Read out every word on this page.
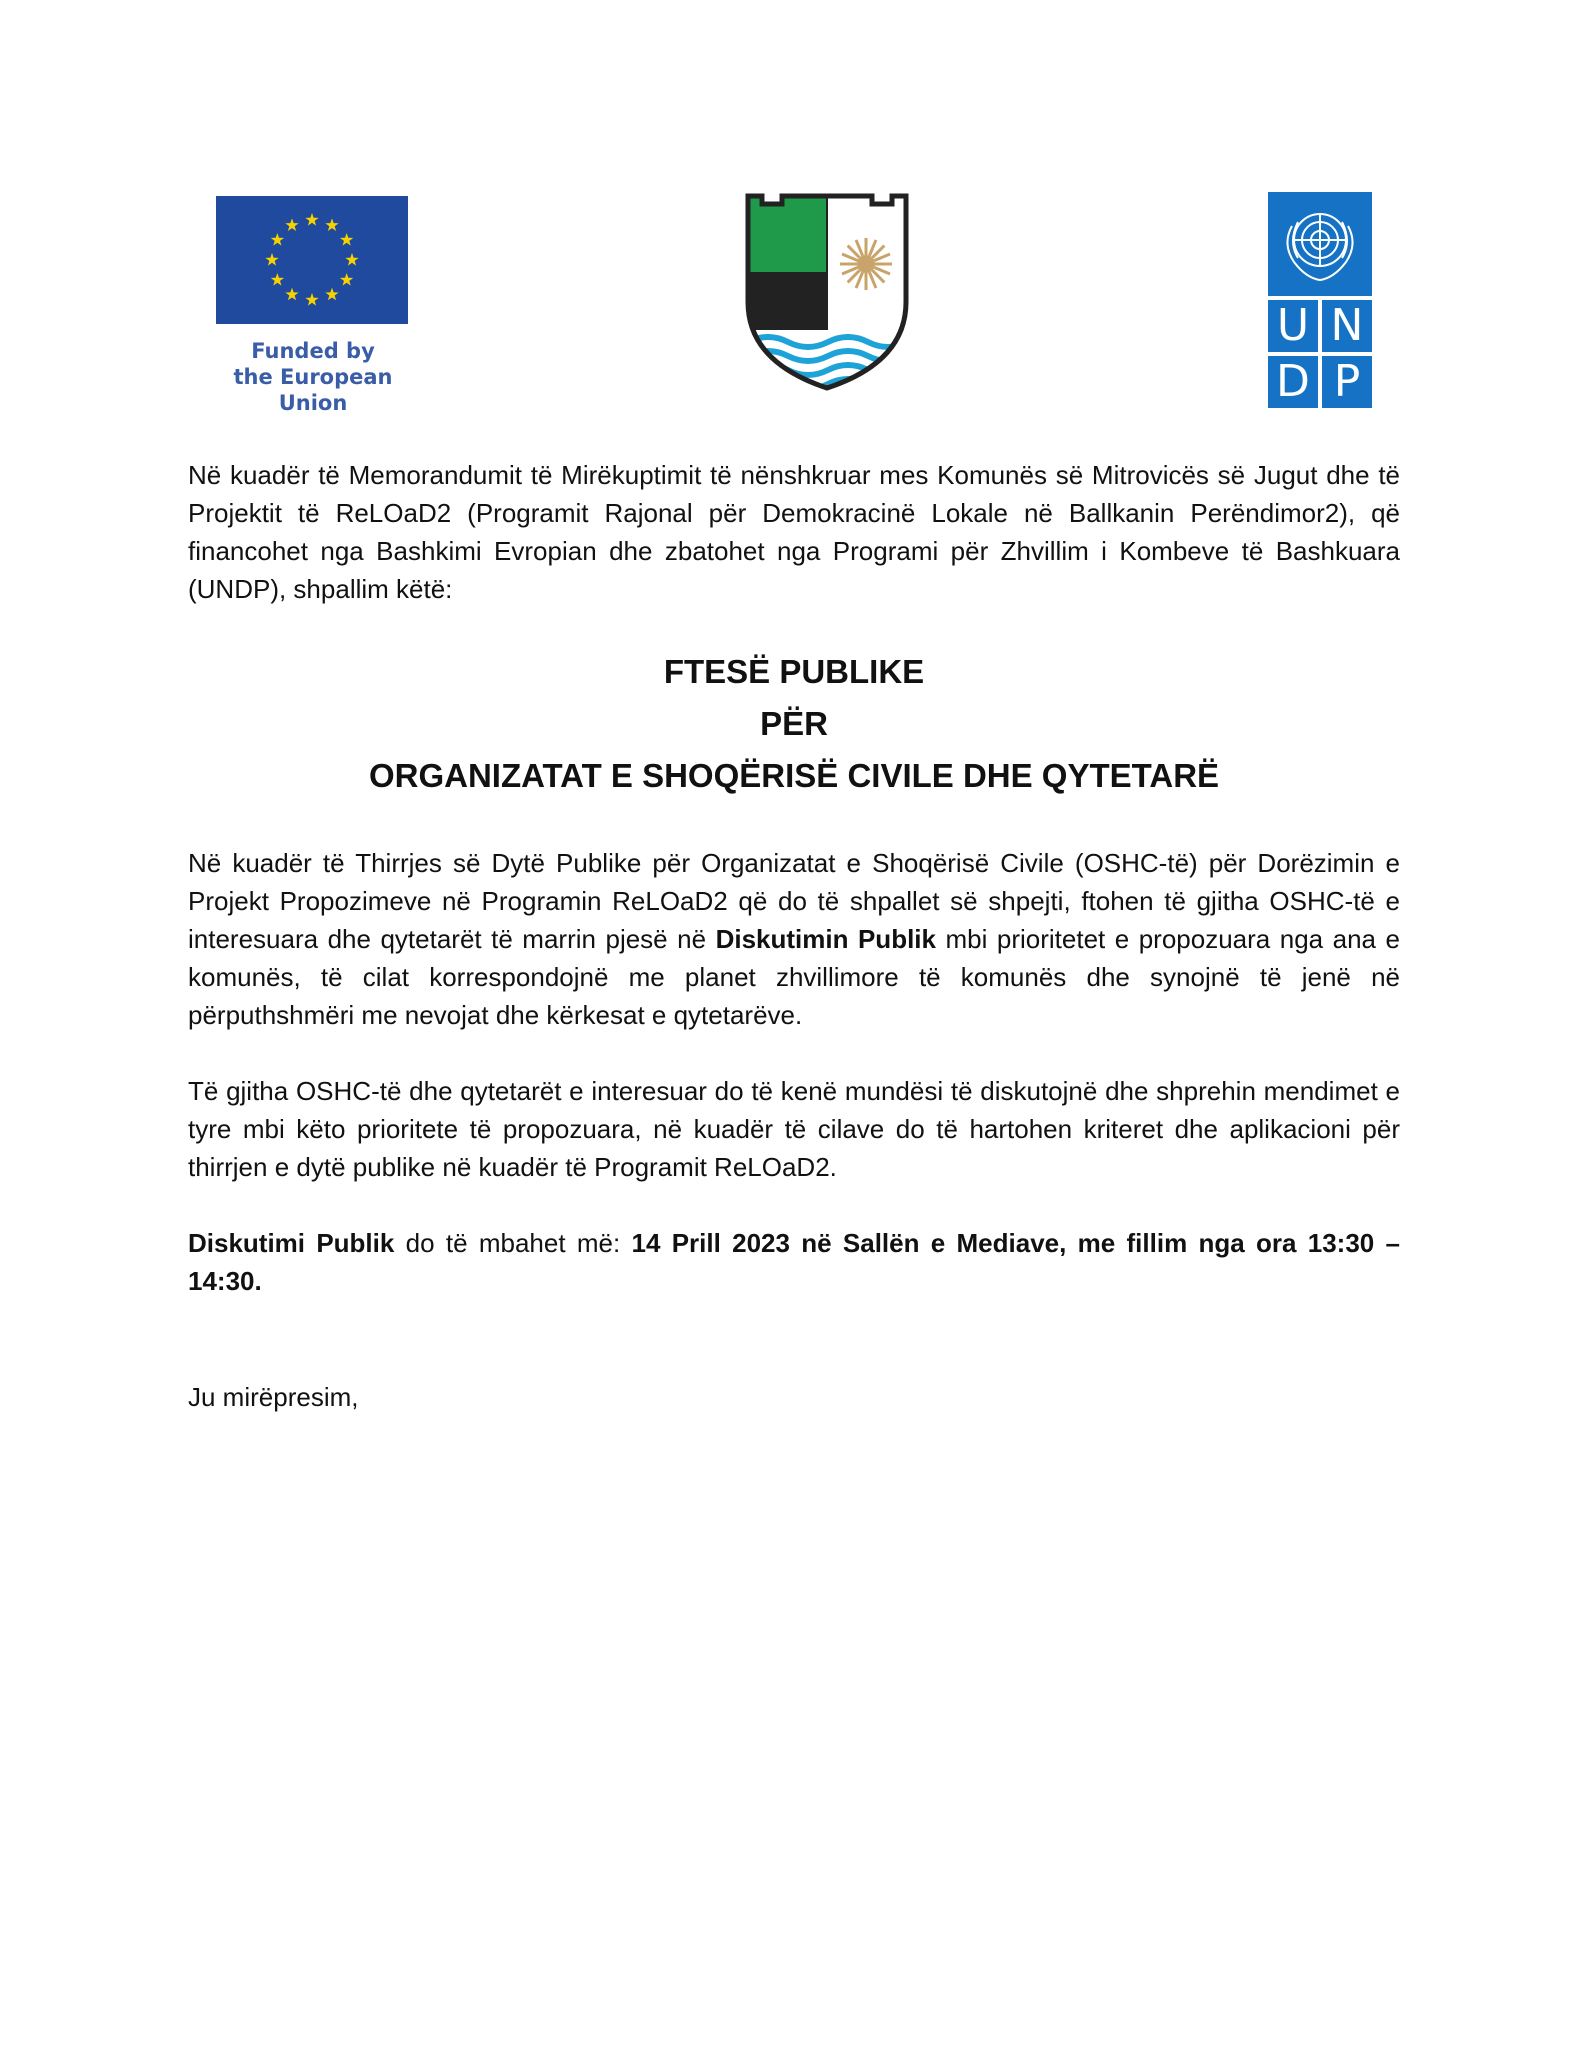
Funded by
the European Union
U N
D P

Në kuadër të Memorandumit të Mirëkuptimit të nënshkruar mes Komunës së Mitrovicës së Jugut dhe të Projektit të ReLOaD2 (Programit Rajonal për Demokracinë Lokale në Ballkanin Perëndimor2), që financohet nga Bashkimi Evropian dhe zbatohet nga Programi për Zhvillim i Kombeve të Bashkuara (UNDP), shpallim këtë:

FTESË PUBLIKE
PËR
ORGANIZATAT E SHOQËRISË CIVILE DHE QYTETARË

Në kuadër të Thirrjes së Dytë Publike për Organizatat e Shoqërisë Civile (OSHC-të) për Dorëzimin e Projekt Propozimeve në Programin ReLOaD2 që do të shpallet së shpejti, ftohen të gjitha OSHC-të e interesuara dhe qytetarët të marrin pjesë në Diskutimin Publik mbi prioritetet e propozuara nga ana e komunës, të cilat korrespondojnë me planet zhvillimore të komunës dhe synojnë të jenë në përputhshmëri me nevojat dhe kërkesat e qytetarëve.

Të gjitha OSHC-të dhe qytetarët e interesuar do të kenë mundësi të diskutojnë dhe shprehin mendimet e tyre mbi këto prioritete të propozuara, në kuadër të cilave do të hartohen kriteret dhe aplikacioni për thirrjen e dytë publike në kuadër të Programit ReLOaD2.

Diskutimi Publik do të mbahet më: 14 Prill 2023 në Sallën e Mediave, me fillim nga ora 13:30 – 14:30.

Ju mirëpresim,
